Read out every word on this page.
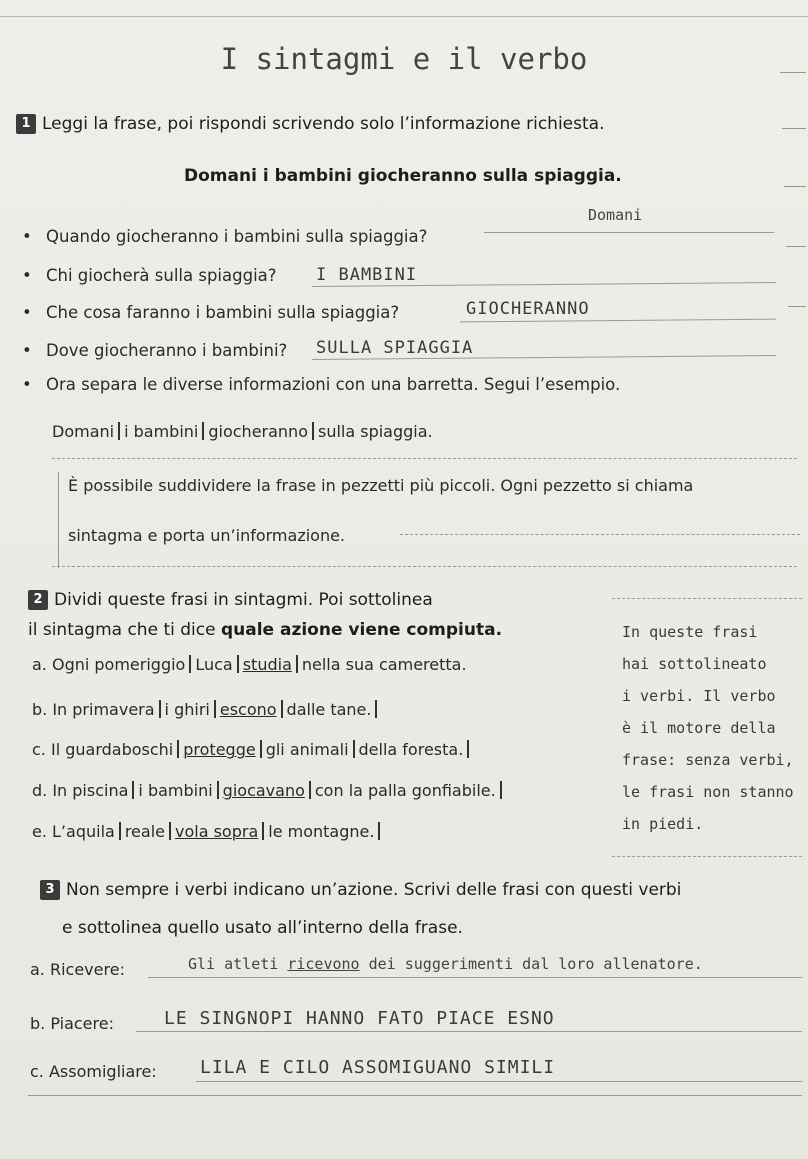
I sintagmi e il verbo
1 Leggi la frase, poi rispondi scrivendo solo l’informazione richiesta.
Domani i bambini giocheranno sulla spiaggia.
• Quando giocheranno i bambini sulla spiaggia?
Domani
• Chi giocherà sulla spiaggia? I BAMBINI
• Che cosa faranno i bambini sulla spiaggia?	GIOCHERANNO
• Dove giocheranno i bambini? SULLA SPIAGGIA
• Ora separa le diverse informazioni con una barretta. Segui l’esempio.
Domani i bambini giocheranno sulla spiaggia.
È possibile suddividere la frase in pezzetti più piccoli. Ogni pezzetto si chiama
sintagma e porta un’informazione.
2 Dividi queste frasi in sintagmi. Poi sottolinea
il sintagma che ti dice quale azione viene compiuta.
a. Ogni pomeriggio Luca studia nella sua cameretta.
b. In primavera i ghiri escono dalle tane.
c. Il guardaboschi protegge gli animali della foresta.
d. In piscina i bambini giocavano con la palla gonfiabile.
e. L’aquila reale vola sopra le montagne.
In queste frasi
hai sottolineato
i verbi. Il verbo
è il motore della
frase: senza verbi,
le frasi non stanno
in piedi.
3 Non sempre i verbi indicano un’azione. Scrivi delle frasi con questi verbi
e sottolinea quello usato all’interno della frase.
a. Ricevere:	Gli atleti ricevono dei suggerimenti dal loro allenatore.
b. Piacere:	LE SINGNOPI HANNO FATO PIACE ESNO
c. Assomigliare: LILA E CILO ASSOMIGUANO SIMILI
